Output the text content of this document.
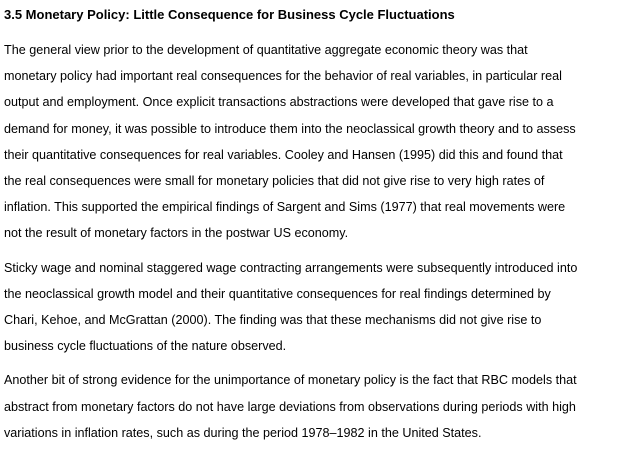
3.5 Monetary Policy: Little Consequence for Business Cycle Fluctuations
The general view prior to the development of quantitative aggregate economic theory was that
monetary policy had important real consequences for the behavior of real variables, in particular real
output and employment. Once explicit transactions abstractions were developed that gave rise to a
demand for money, it was possible to introduce them into the neoclassical growth theory and to assess
their quantitative consequences for real variables. Cooley and Hansen (1995) did this and found that
the real consequences were small for monetary policies that did not give rise to very high rates of
inflation. This supported the empirical findings of Sargent and Sims (1977) that real movements were
not the result of monetary factors in the postwar US economy.
Sticky wage and nominal staggered wage contracting arrangements were subsequently introduced into
the neoclassical growth model and their quantitative consequences for real findings determined by
Chari, Kehoe, and McGrattan (2000). The finding was that these mechanisms did not give rise to
business cycle fluctuations of the nature observed.
Another bit of strong evidence for the unimportance of monetary policy is the fact that RBC models that
abstract from monetary factors do not have large deviations from observations during periods with high
variations in inflation rates, such as during the period 1978–1982 in the United States.
